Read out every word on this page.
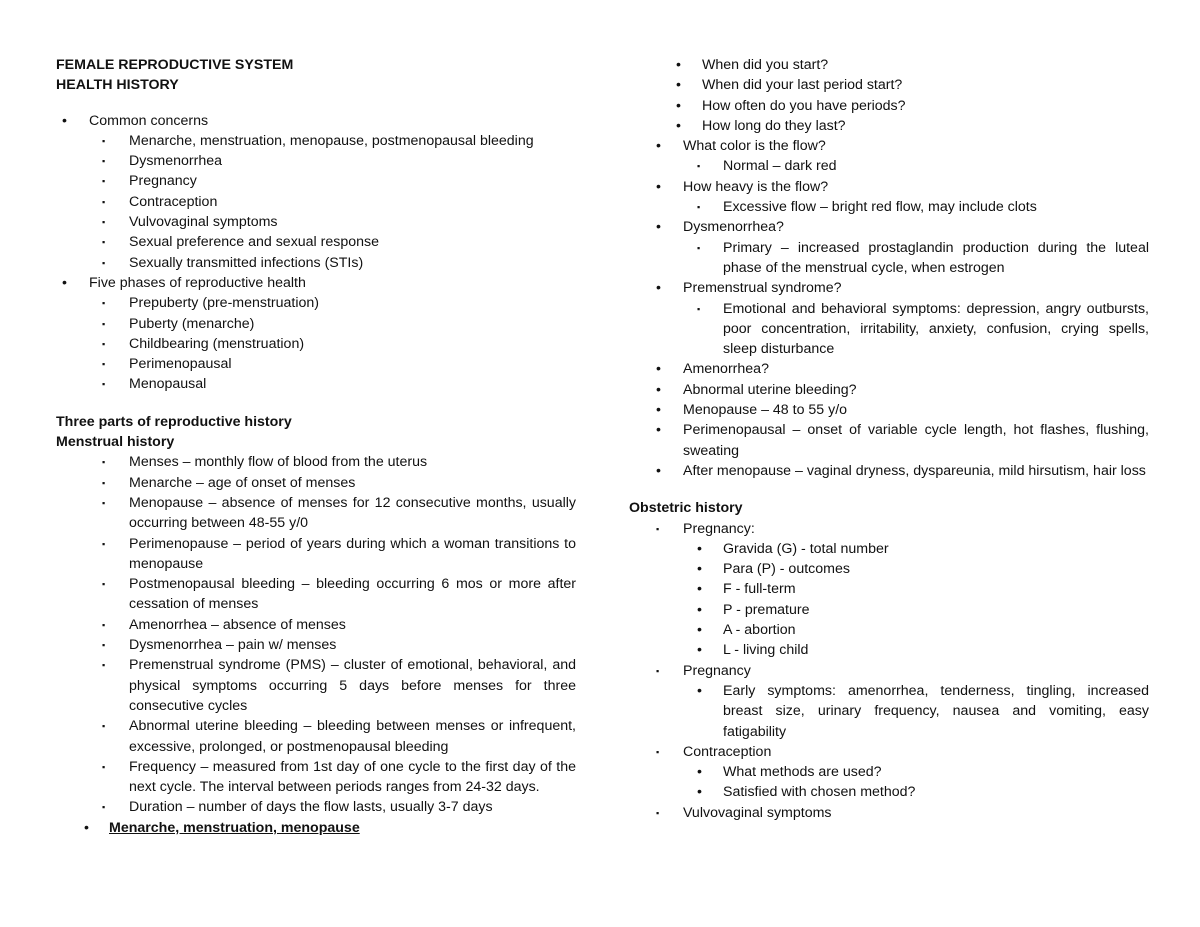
FEMALE REPRODUCTIVE SYSTEM
HEALTH HISTORY
• Common concerns
▪ Menarche, menstruation, menopause, postmenopausal bleeding
▪ Dysmenorrhea
▪ Pregnancy
▪ Contraception
▪ Vulvovaginal symptoms
▪ Sexual preference and sexual response
▪ Sexually transmitted infections (STIs)
• Five phases of reproductive health
▪ Prepuberty (pre-menstruation)
▪ Puberty (menarche)
▪ Childbearing (menstruation)
▪ Perimenopausal
▪ Menopausal
Three parts of reproductive history
Menstrual history
▪ Menses – monthly flow of blood from the uterus
▪ Menarche – age of onset of menses
▪ Menopause – absence of menses for 12 consecutive months, usually occurring between 48-55 y/0
▪ Perimenopause – period of years during which a woman transitions to menopause
▪ Postmenopausal bleeding – bleeding occurring 6 mos or more after cessation of menses
▪ Amenorrhea – absence of menses
▪ Dysmenorrhea – pain w/ menses
▪ Premenstrual syndrome (PMS) – cluster of emotional, behavioral, and physical symptoms occurring 5 days before menses for three consecutive cycles
▪ Abnormal uterine bleeding – bleeding between menses or infrequent, excessive, prolonged, or postmenopausal bleeding
▪ Frequency – measured from 1st day of one cycle to the first day of the next cycle. The interval between periods ranges from 24-32 days.
▪ Duration – number of days the flow lasts, usually 3-7 days
• Menarche, menstruation, menopause
• When did you start?
• When did your last period start?
• How often do you have periods?
• How long do they last?
• What color is the flow?
▪ Normal – dark red
• How heavy is the flow?
▪ Excessive flow – bright red flow, may include clots
• Dysmenorrhea?
▪ Primary – increased prostaglandin production during the luteal phase of the menstrual cycle, when estrogen
• Premenstrual syndrome?
▪ Emotional and behavioral symptoms: depression, angry outbursts, poor concentration, irritability, anxiety, confusion, crying spells, sleep disturbance
• Amenorrhea?
• Abnormal uterine bleeding?
• Menopause – 48 to 55 y/o
• Perimenopausal – onset of variable cycle length, hot flashes, flushing, sweating
• After menopause – vaginal dryness, dyspareunia, mild hirsutism, hair loss
Obstetric history
▪ Pregnancy:
• Gravida (G) - total number
• Para (P) - outcomes
• F - full-term
• P - premature
• A - abortion
• L - living child
▪ Pregnancy
• Early symptoms: amenorrhea, tenderness, tingling, increased breast size, urinary frequency, nausea and vomiting, easy fatigability
▪ Contraception
• What methods are used?
• Satisfied with chosen method?
▪ Vulvovaginal symptoms
